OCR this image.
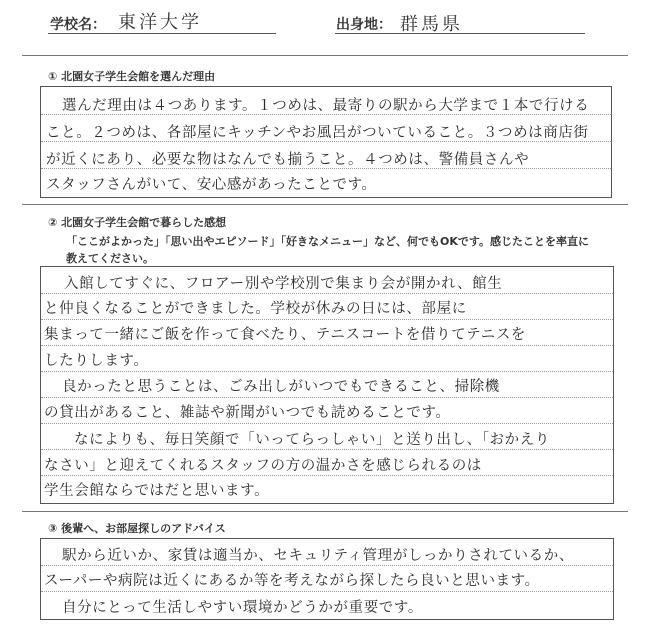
学校名： 東洋大学	出身地： 群馬県
① 北園女子学生会館を選んだ理由
選んだ理由は４つあります。１つめは、最寄りの駅から大学まで１本で行ける
こと。２つめは、各部屋にキッチンやお風呂がついていること。３つめは商店街
が近くにあり、必要な物はなんでも揃うこと。４つめは、警備員さんや
スタッフさんがいて、安心感があったことです。
② 北園女子学生会館で暮らした感想
「ここがよかった」「思い出やエピソード」「好きなメニュー」など、何でもOKです。感じたことを率直に
教えてください。
入館してすぐに、フロアー別や学校別で集まり会が開かれ、館生
と仲良くなることができました。学校が休みの日には、部屋に
集まって一緒にご飯を作って食べたり、テニスコートを借りてテニスを
したりします。
良かったと思うことは、ごみ出しがいつでもできること、掃除機
の貸出があること、雑誌や新聞がいつでも読めることです。
なによりも、毎日笑顔で「いってらっしゃい」と送り出し、「おかえり
なさい」と迎えてくれるスタッフの方の温かさを感じられるのは
学生会館ならではだと思います。
③ 後輩へ、お部屋探しのアドバイス
駅から近いか、家賃は適当か、セキュリティ管理がしっかりされているか、
スーパーや病院は近くにあるか等を考えながら探したら良いと思います。
自分にとって生活しやすい環境かどうかが重要です。
